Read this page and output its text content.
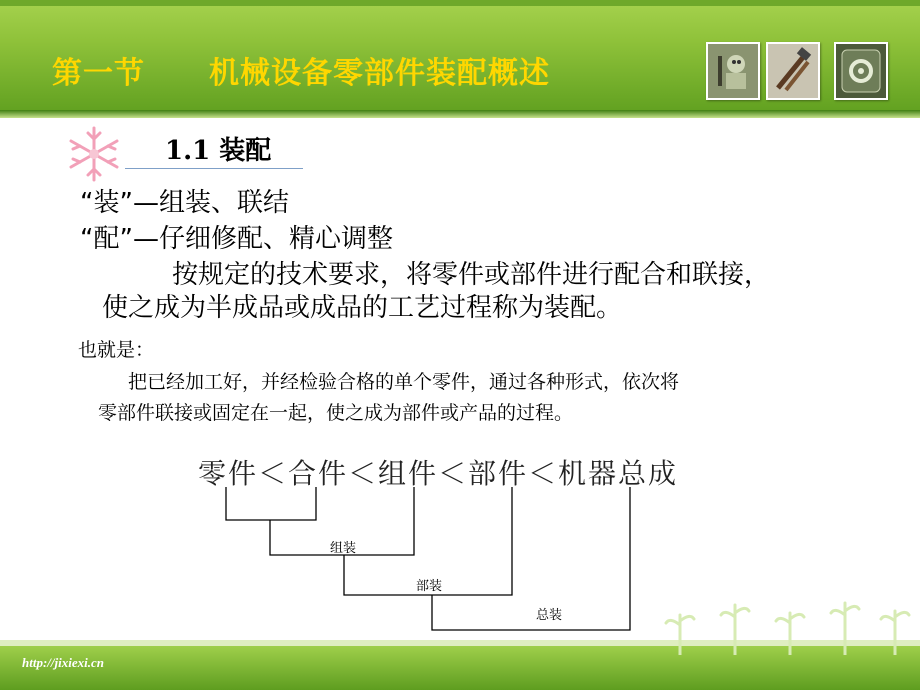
第一节 机械设备零部件装配概述
1.1 装配
“装”—组装、联结
“配”—仔细修配、精心调整
按规定的技术要求，将零件或部件进行配合和联接，
使之成为半成品或成品的工艺过程称为装配。
也就是：
把已经加工好，并经检验合格的单个零件，通过各种形式，依次将
零部件联接或固定在一起，使之成为部件或产品的过程。
零件＜合件＜组件＜部件＜机器总成
组装
部装
总装
http://jixiexi.cn
